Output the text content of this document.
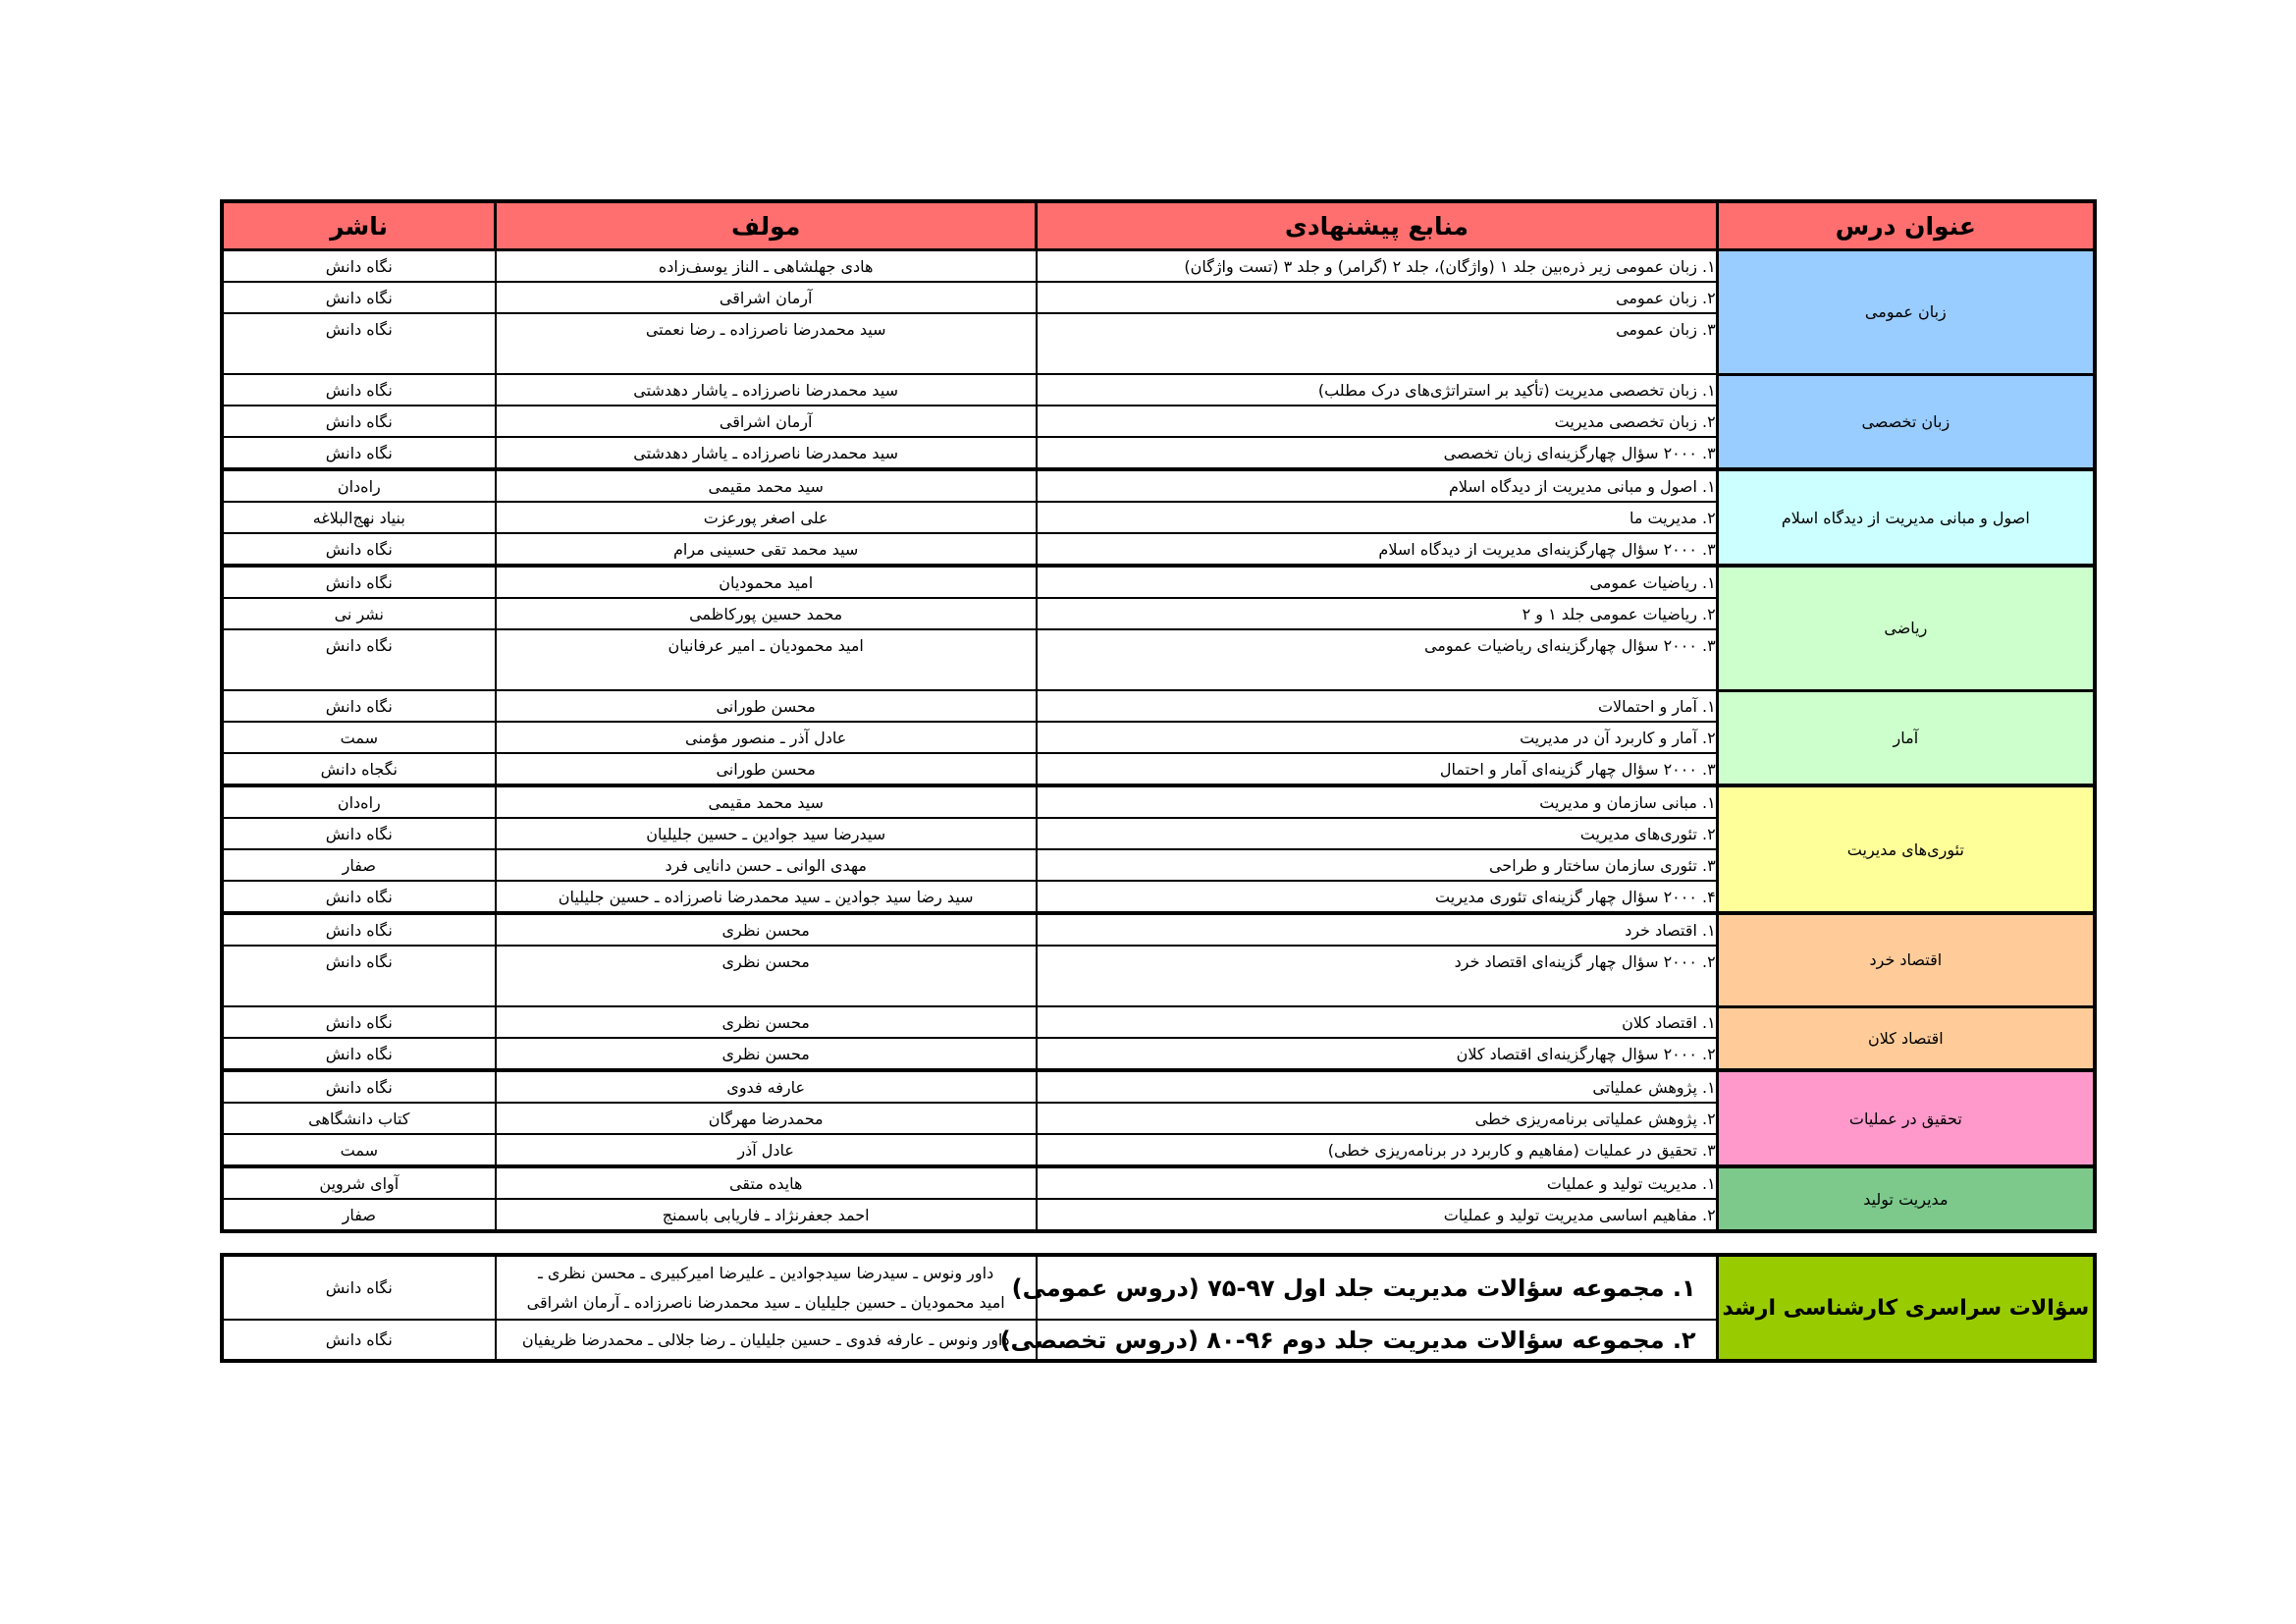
عنوان درس	منابع پیشنهادی	مولف	ناشر
زبان عمومی	۱. زبان عمومی زیر ذره‌بین جلد ۱ (واژگان)، جلد ۲ (گرامر) و جلد ۳ (تست واژگان)	هادی جهلشاهی ـ الناز یوسف‌زاده	نگاه دانش
	۲. زبان عمومی	آرمان اشراقی	نگاه دانش
	۳. زبان عمومی	سید محمدرضا ناصرزاده ـ رضا نعمتی	نگاه دانش

زبان تخصصی	۱. زبان تخصصی مدیریت (تأکید بر استراتژی‌های درک مطلب)	سید محمدرضا ناصرزاده ـ یاشار دهدشتی	نگاه دانش
	۲. زبان تخصصی مدیریت	آرمان اشراقی	نگاه دانش
	۳. ۲۰۰۰ سؤال چهارگزینه‌ای زبان تخصصی	سید محمدرضا ناصرزاده ـ یاشار دهدشتی	نگاه دانش
اصول و مبانی مدیریت از دیدگاه اسلام	۱. اصول و مبانی مدیریت از دیدگاه اسلام	سید محمد مقیمی	راه‌دان
	۲. مدیریت ما	علی اصغر پورعزت	بنیاد نهج‌البلاغه
	۳. ۲۰۰۰ سؤال چهارگزینه‌ای مدیریت از دیدگاه اسلام	سید محمد تقی حسینی مرام	نگاه دانش
ریاضی	۱. ریاضیات عمومی	امید محمودیان	نگاه دانش
	۲. ریاضیات عمومی جلد ۱ و ۲	محمد حسین پورکاظمی	نشر نی
	۳. ۲۰۰۰ سؤال چهارگزینه‌ای ریاضیات عمومی	امید محمودیان ـ امیر عرفانیان	نگاه دانش

آمار	۱. آمار و احتمالات	محسن طورانی	نگاه دانش
	۲. آمار و کاربرد آن در مدیریت	عادل آذر ـ منصور مؤمنی	سمت
	۳. ۲۰۰۰ سؤال چهار گزینه‌ای آمار و احتمال	محسن طورانی	نگجاه دانش
تئوری‌های مدیریت	۱. مبانی سازمان و مدیریت	سید محمد مقیمی	راه‌دان
	۲. تئوری‌های مدیریت	سیدرضا سید جوادین ـ حسین جلیلیان	نگاه دانش
	۳. تئوری سازمان ساختار و طراحی	مهدی الوانی ـ حسن دانایی فرد	صفار
	۴. ۲۰۰۰ سؤال چهار گزینه‌ای تئوری مدیریت	سید رضا سید جوادین ـ سید محمدرضا ناصرزاده ـ حسین جلیلیان	نگاه دانش
اقتصاد خرد	۱. اقتصاد خرد	محسن نظری	نگاه دانش
	۲. ۲۰۰۰ سؤال چهار گزینه‌ای اقتصاد خرد	محسن نظری	نگاه دانش

اقتصاد کلان	۱. اقتصاد کلان	محسن نظری	نگاه دانش
	۲. ۲۰۰۰ سؤال چهارگزینه‌ای اقتصاد کلان	محسن نظری	نگاه دانش
تحقیق در عملیات	۱. پژوهش عملیاتی	عارفه فدوی	نگاه دانش
	۲. پژوهش عملیاتی برنامه‌ریزی خطی	محمدرضا مهرگان	کتاب دانشگاهی
	۳. تحقیق در عملیات (مفاهیم و کاربرد در برنامه‌ریزی خطی)	عادل آذر	سمت
مدیریت تولید	۱. مدیریت تولید و عملیات	هایده متقی	آوای شروین
	۲. مفاهیم اساسی مدیریت تولید و عملیات	احمد جعفرنژاد ـ فاریابی باسمنج	صفار
سؤالات سراسری کارشناسی ارشد	۱. مجموعه سؤالات مدیریت جلد اول ۹۷-۷۵ (دروس عمومی)	داور ونوس ـ سیدرضا سیدجوادین ـ علیرضا امیرکبیری ـ محسن نظری ـ
امید محمودیان ـ حسین جلیلیان ـ سید محمدرضا ناصرزاده ـ آرمان اشراقی	نگاه دانش
	۲. مجموعه سؤالات مدیریت جلد دوم ۹۶-۸۰ (دروس تخصصی)	داور ونوس ـ عارفه فدوی ـ حسین جلیلیان ـ رضا جلالی ـ محمدرضا ظریفیان	نگاه دانش
